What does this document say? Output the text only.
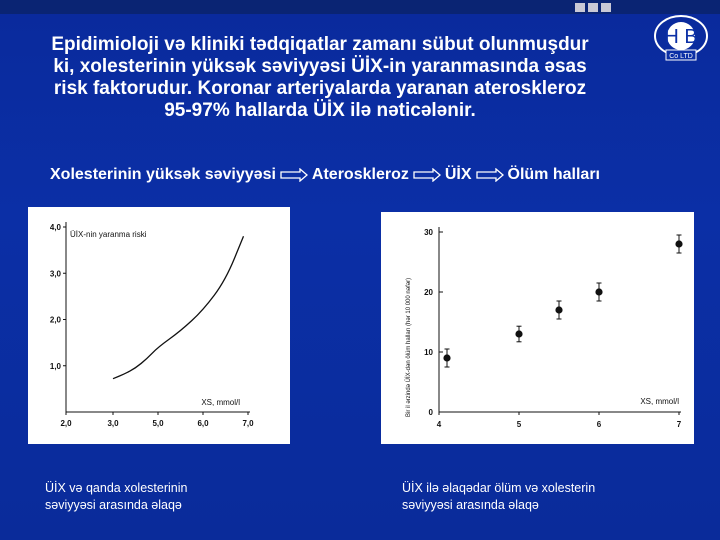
Epidimioloji və kliniki tədqiqatlar zamanı sübut olunmuşdur
ki, xolesterinin yüksək səviyyəsi ÜİX-in yaranmasında əsas
risk faktorudur. Koronar arteriyalarda yaranan ateroskleroz
95-97% hallarda ÜİX ilə nəticələnir.
H B
Co LTD
Xolesterinin yüksək səviyyəsi Ateroskleroz ÜİX Ölüm halları
1,0
2,0
3,0
4,0
2,0	3,0	5,0	6,0	7,0
ÜİX-nin yaranma riski
XS, mmol/l
0
10
20
30
4	5	6	7
XS, mmol/l
Bir il ərzində ÜİX-dən ölüm halları (hər 10 000 nəfər)
ÜİX və qanda xolesterinin
səviyyəsi arasında əlaqə
ÜİX ilə əlaqədar ölüm və xolesterin
səviyyəsi arasında əlaqə
